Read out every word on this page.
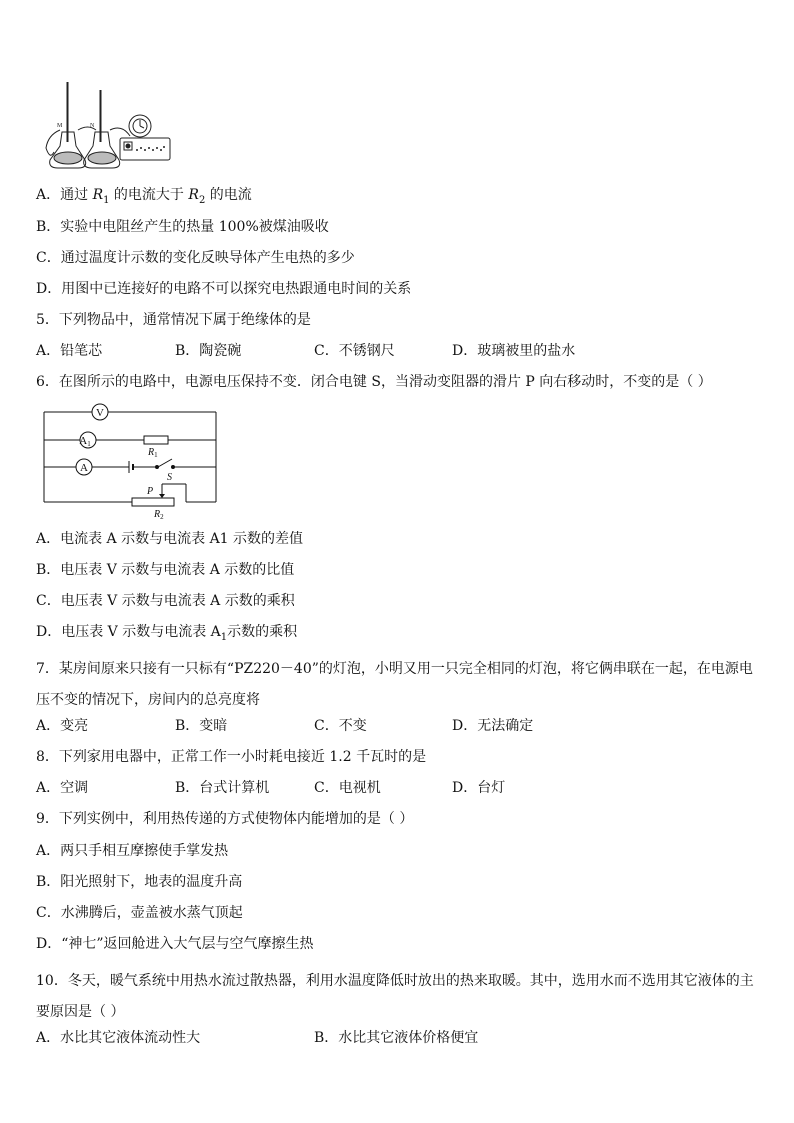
M	N
A．通过 $R_1$ 的电流大于 $R_2$ 的电流
B．实验中电阻丝产生的热量 100%被煤油吸收
C．通过温度计示数的变化反映导体产生电热的多少
D．用图中已连接好的电路不可以探究电热跟通电时间的关系
5．下列物品中，通常情况下属于绝缘体的是
A．铅笔芯	B．陶瓷碗	C．不锈钢尺	D．玻璃被里的盐水
6．在图所示的电路中，电源电压保持不变．闭合电键 S，当滑动变阻器的滑片 P 向右移动时，不变的是（ ）
V
A1
A
$R_1$
S
P
$R_2$
A．电流表 A 示数与电流表 A1 示数的差值
B．电压表 V 示数与电流表 A 示数的比值
C．电压表 V 示数与电流表 A 示数的乘积
D．电压表 V 示数与电流表 $A_1$示数的乘积
7．某房间原来只接有一只标有“PZ220－40”的灯泡，小明又用一只完全相同的灯泡，将它俩串联在一起，在电源电压不变的情况下，房间内的总亮度将
A．变亮	B．变暗	C．不变	D．无法确定
8．下列家用电器中，正常工作一小时耗电接近 1.2 千瓦时的是
A．空调	B．台式计算机	C．电视机	D．台灯
9．下列实例中，利用热传递的方式使物体内能增加的是（ ）
A．两只手相互摩擦使手掌发热
B．阳光照射下，地表的温度升高
C．水沸腾后，壶盖被水蒸气顶起
D．“神七”返回舱进入大气层与空气摩擦生热
10．冬天，暖气系统中用热水流过散热器，利用水温度降低时放出的热来取暖。其中，选用水而不选用其它液体的主要原因是（ ）
A．水比其它液体流动性大	B．水比其它液体价格便宜
